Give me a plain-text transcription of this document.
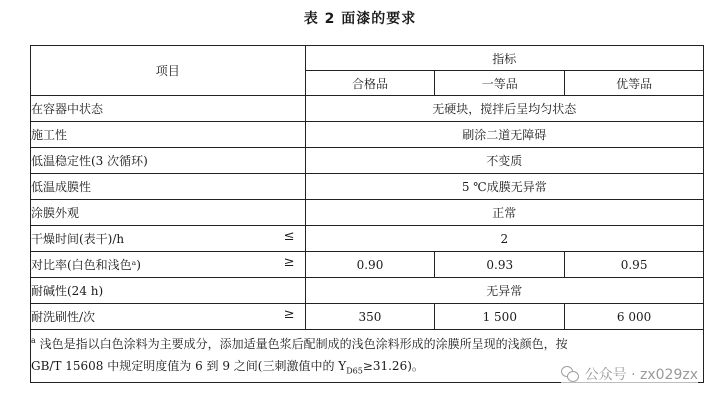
表 2 面漆的要求
项目	指标		
	合格品	一等品	优等品
在容器中状态	无硬块，搅拌后呈均匀状态		
施工性	刷涂二道无障碍		
低温稳定性(3 次循环)	不变质		
低温成膜性	5 ℃成膜无异常		
涂膜外观	正常		
干燥时间(表干)/h ≤	2		
对比率(白色和浅色ᵃ) ≥	0.90	0.93	0.95
耐碱性(24 h)	无异常		
耐洗刷性/次 ≥	350	1 500	6 000
$^a$ 浅色是指以白色涂料为主要成分，添加适量色浆后配制成的浅色涂料形成的涂膜所呈现的浅颜色，按
GB/T 15608 中规定明度值为 6 到 9 之间(三刺激值中的 $Y_{D65}\ge 31.26$)。			
公众号 · zx029zx
